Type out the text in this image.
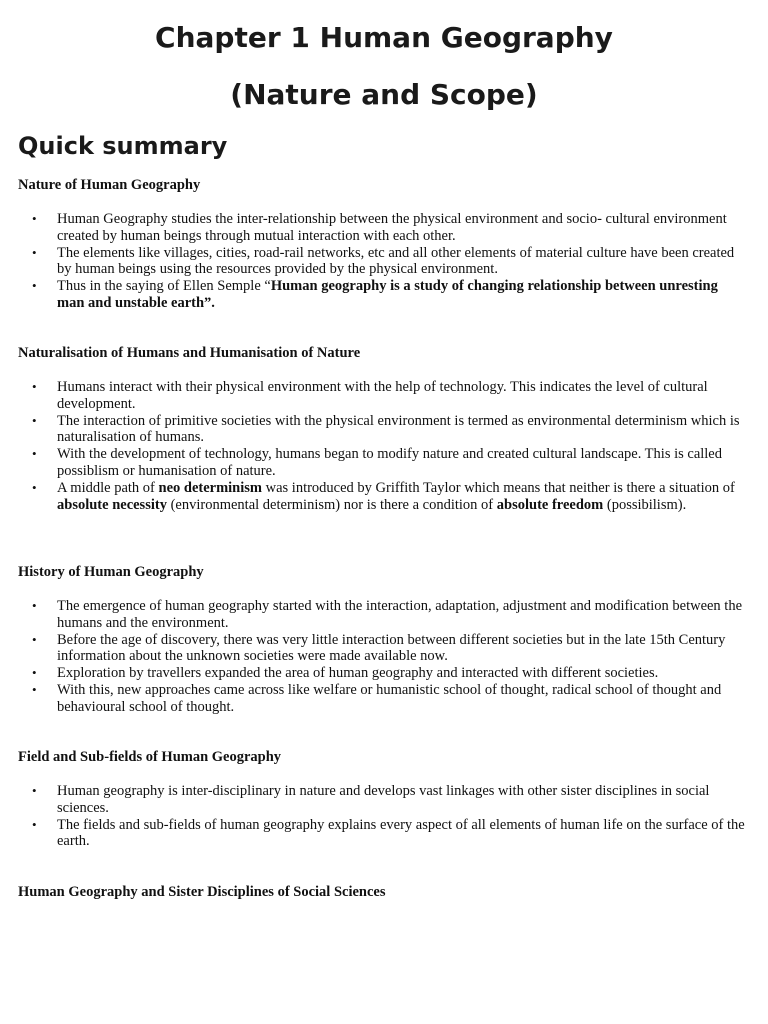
Chapter 1 Human Geography
(Nature and Scope)
Quick summary
Nature of Human Geography
• Human Geography studies the inter-relationship between the physical environment and socio- cultural environment created by human beings through mutual interaction with each other.
• The elements like villages, cities, road-rail networks, etc and all other elements of material culture have been created by human beings using the resources provided by the physical environment.
• Thus in the saying of Ellen Semple “Human geography is a study of changing relationship between unresting man and unstable earth”.
Naturalisation of Humans and Humanisation of Nature
• Humans interact with their physical environment with the help of technology. This indicates the level of cultural development.
• The interaction of primitive societies with the physical environment is termed as environmental determinism which is naturalisation of humans.
• With the development of technology, humans began to modify nature and created cultural landscape. This is called possiblism or humanisation of nature.
• A middle path of neo determinism was introduced by Griffith Taylor which means that neither is there a situation of absolute necessity (environmental determinism) nor is there a condition of absolute freedom (possibilism).
History of Human Geography
• The emergence of human geography started with the interaction, adaptation, adjustment and modification between the humans and the environment.
• Before the age of discovery, there was very little interaction between different societies but in the late 15th Century information about the unknown societies were made available now.
• Exploration by travellers expanded the area of human geography and interacted with different societies.
• With this, new approaches came across like welfare or humanistic school of thought, radical school of thought and behavioural school of thought.
Field and Sub-fields of Human Geography
• Human geography is inter-disciplinary in nature and develops vast linkages with other sister disciplines in social sciences.
• The fields and sub-fields of human geography explains every aspect of all elements of human life on the surface of the earth.
Human Geography and Sister Disciplines of Social Sciences
